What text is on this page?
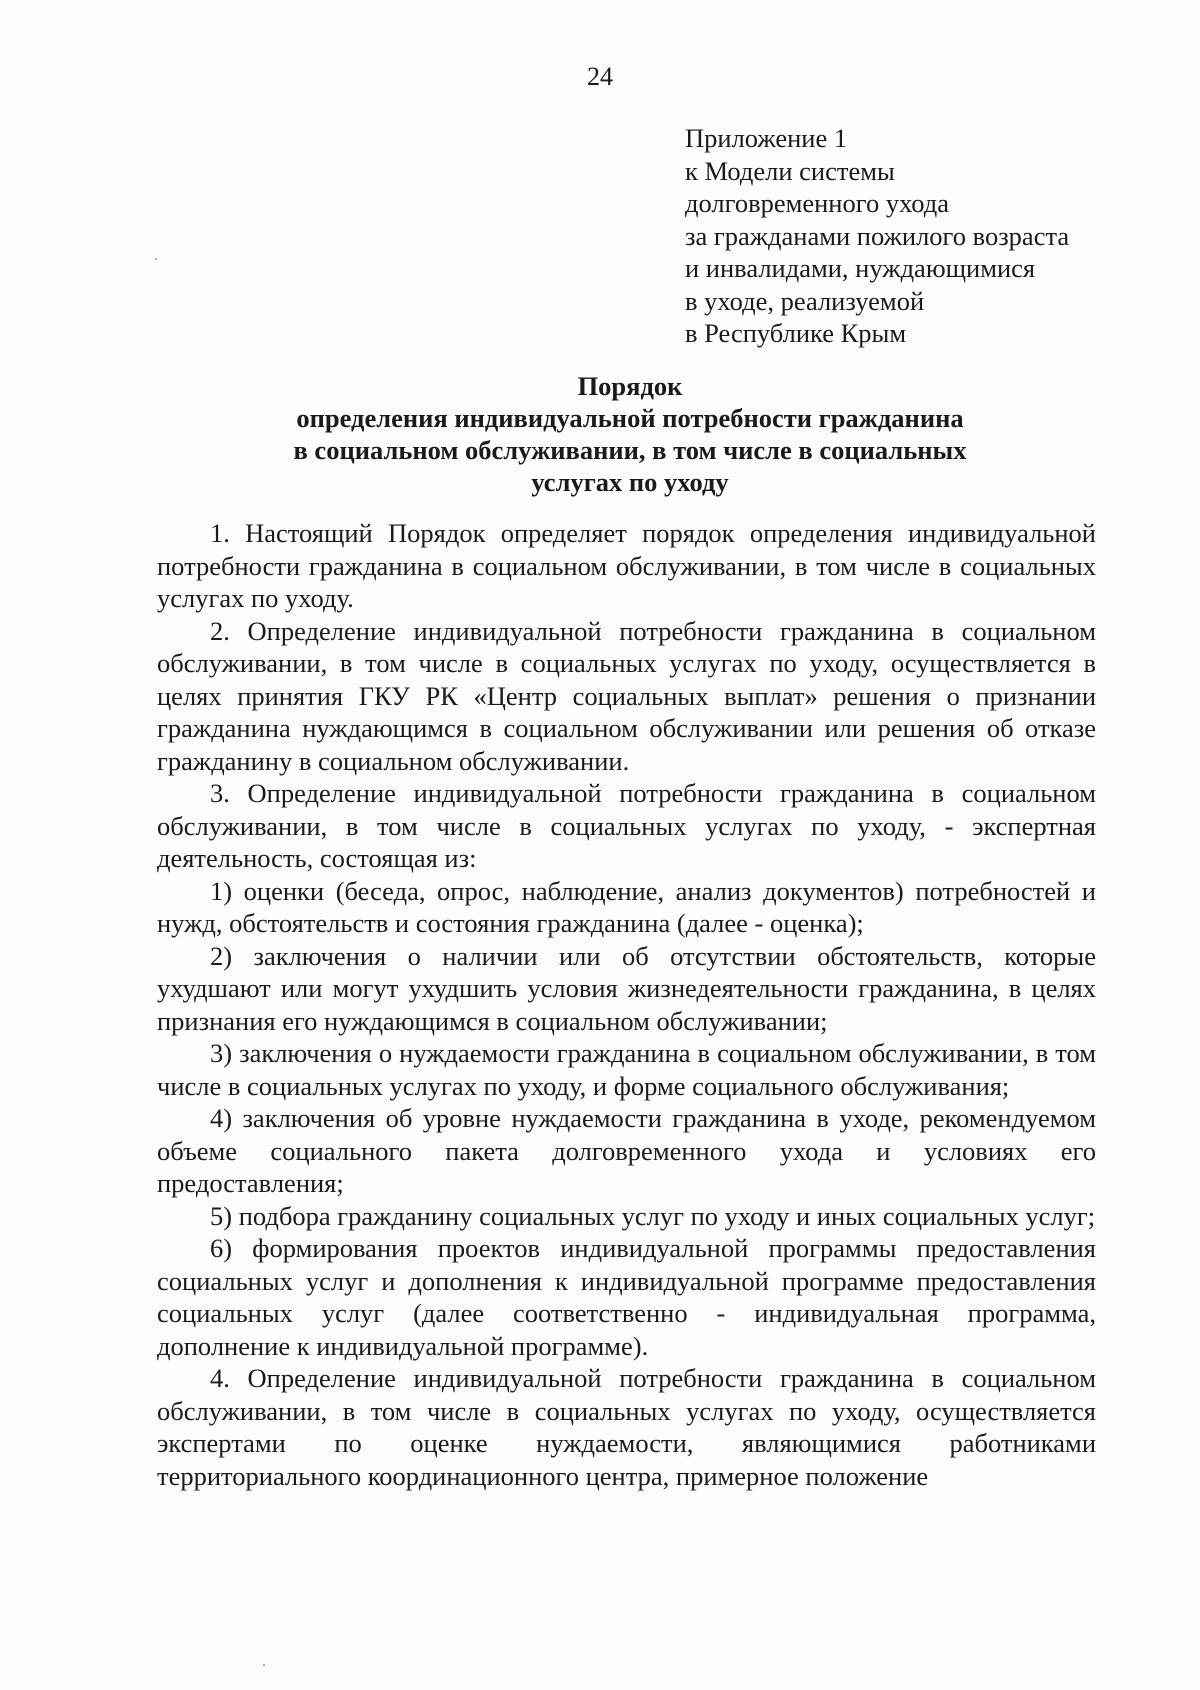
24
Приложение 1
к Модели системы
долговременного ухода
за гражданами пожилого возраста
и инвалидами, нуждающимися
в уходе, реализуемой
в Республике Крым
Порядок
определения индивидуальной потребности гражданина
в социальном обслуживании, в том числе в социальных
услугах по уходу

1. Настоящий Порядок определяет порядок определения индивидуальной потребности гражданина в социальном обслуживании, в том числе в социальных услугах по уходу.

2. Определение индивидуальной потребности гражданина в социальном обслуживании, в том числе в социальных услугах по уходу, осуществляется в целях принятия ГКУ РК «Центр социальных выплат» решения о признании гражданина нуждающимся в социальном обслуживании или решения об отказе гражданину в социальном обслуживании.

3. Определение индивидуальной потребности гражданина в социальном обслуживании, в том числе в социальных услугах по уходу, - экспертная деятельность, состоящая из:

1) оценки (беседа, опрос, наблюдение, анализ документов) потребностей и нужд, обстоятельств и состояния гражданина (далее - оценка);

2) заключения о наличии или об отсутствии обстоятельств, которые ухудшают или могут ухудшить условия жизнедеятельности гражданина, в целях признания его нуждающимся в социальном обслуживании;

3) заключения о нуждаемости гражданина в социальном обслуживании, в том числе в социальных услугах по уходу, и форме социального обслуживания;

4) заключения об уровне нуждаемости гражданина в уходе, рекомендуемом объеме социального пакета долговременного ухода и условиях его предоставления;

5) подбора гражданину социальных услуг по уходу и иных социальных услуг;

6) формирования проектов индивидуальной программы предоставления социальных услуг и дополнения к индивидуальной программе предоставления социальных услуг (далее соответственно - индивидуальная программа, дополнение к индивидуальной программе).

4. Определение индивидуальной потребности гражданина в социальном обслуживании, в том числе в социальных услугах по уходу, осуществляется экспертами по оценке нуждаемости, являющимися работниками территориального координационного центра, примерное положение
